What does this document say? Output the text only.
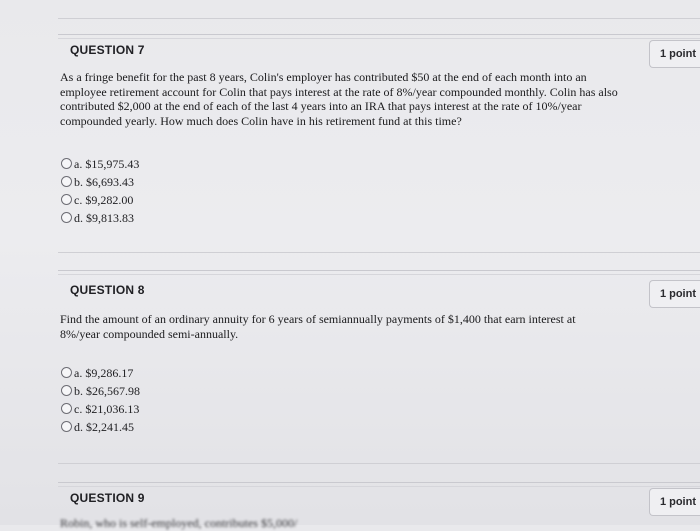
QUESTION 7	1 point
As a fringe benefit for the past 8 years, Colin's employer has contributed $50 at the end of each month into an employee retirement account for Colin that pays interest at the rate of 8%/year compounded monthly. Colin has also contributed $2,000 at the end of each of the last 4 years into an IRA that pays interest at the rate of 10%/year compounded yearly. How much does Colin have in his retirement fund at this time?
a. $15,975.43
b. $6,693.43
c. $9,282.00
d. $9,813.83
QUESTION 8	1 point
Find the amount of an ordinary annuity for 6 years of semiannually payments of $1,400 that earn interest at 8%/year compounded semi-annually.
a. $9,286.17
b. $26,567.98
c. $21,036.13
d. $2,241.45
QUESTION 9	1 point
Robin, who is self-employed, contributes $5,000/
